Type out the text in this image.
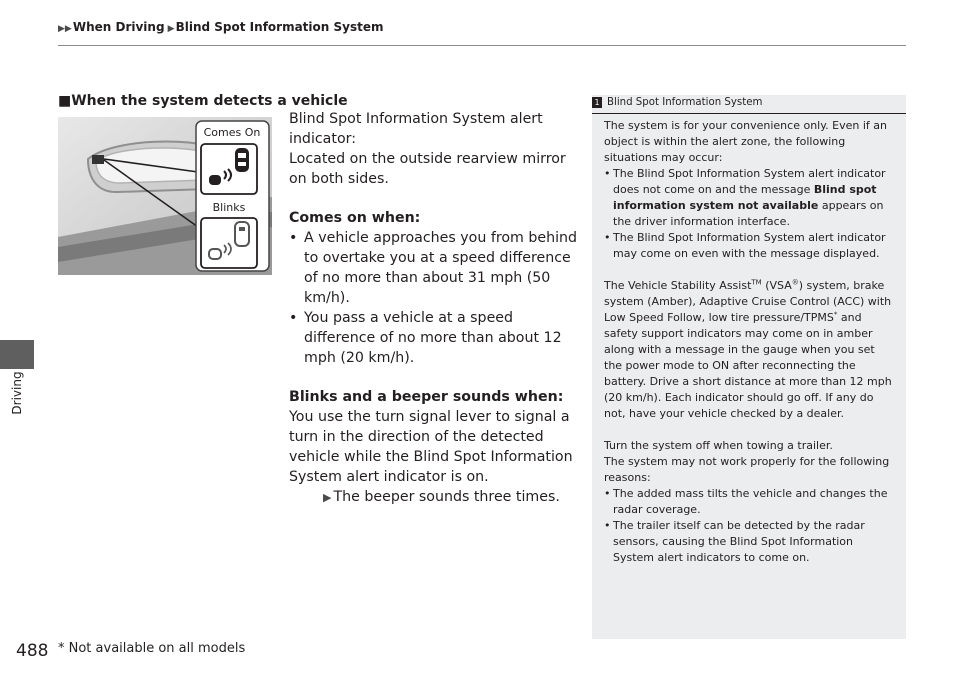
▶▶When Driving ▶Blind Spot Information System
Driving
■When the system detects a vehicle
Comes On
Blinks

Blind Spot Information System alert indicator:

Located on the outside rearview mirror on both sides.

Comes on when:

• A vehicle approaches you from behind to overtake you at a speed difference of no more than about 31 mph (50 km/h).
• You pass a vehicle at a speed difference of no more than about 12 mph (20 km/h).

Blinks and a beeper sounds when:

You use the turn signal lever to signal a turn in the direction of the detected vehicle while the Blind Spot Information System alert indicator is on.

▶ The beeper sounds three times.

1 Blind Spot Information System

The system is for your convenience only. Even if an object is within the alert zone, the following situations may occur:

• The Blind Spot Information System alert indicator does not come on and the message Blind spot information system not available appears on the driver information interface.
• The Blind Spot Information System alert indicator may come on even with the message displayed.

The Vehicle Stability Assist™ (VSA®) system, brake system (Amber), Adaptive Cruise Control (ACC) with Low Speed Follow, low tire pressure/TPMS* and safety support indicators may come on in amber along with a message in the gauge when you set the power mode to ON after reconnecting the battery. Drive a short distance at more than 12 mph (20 km/h). Each indicator should go off. If any do not, have your vehicle checked by a dealer.

Turn the system off when towing a trailer.

The system may not work properly for the following reasons:

• The added mass tilts the vehicle and changes the radar coverage.
• The trailer itself can be detected by the radar sensors, causing the Blind Spot Information System alert indicators to come on.
488 * Not available on all models
